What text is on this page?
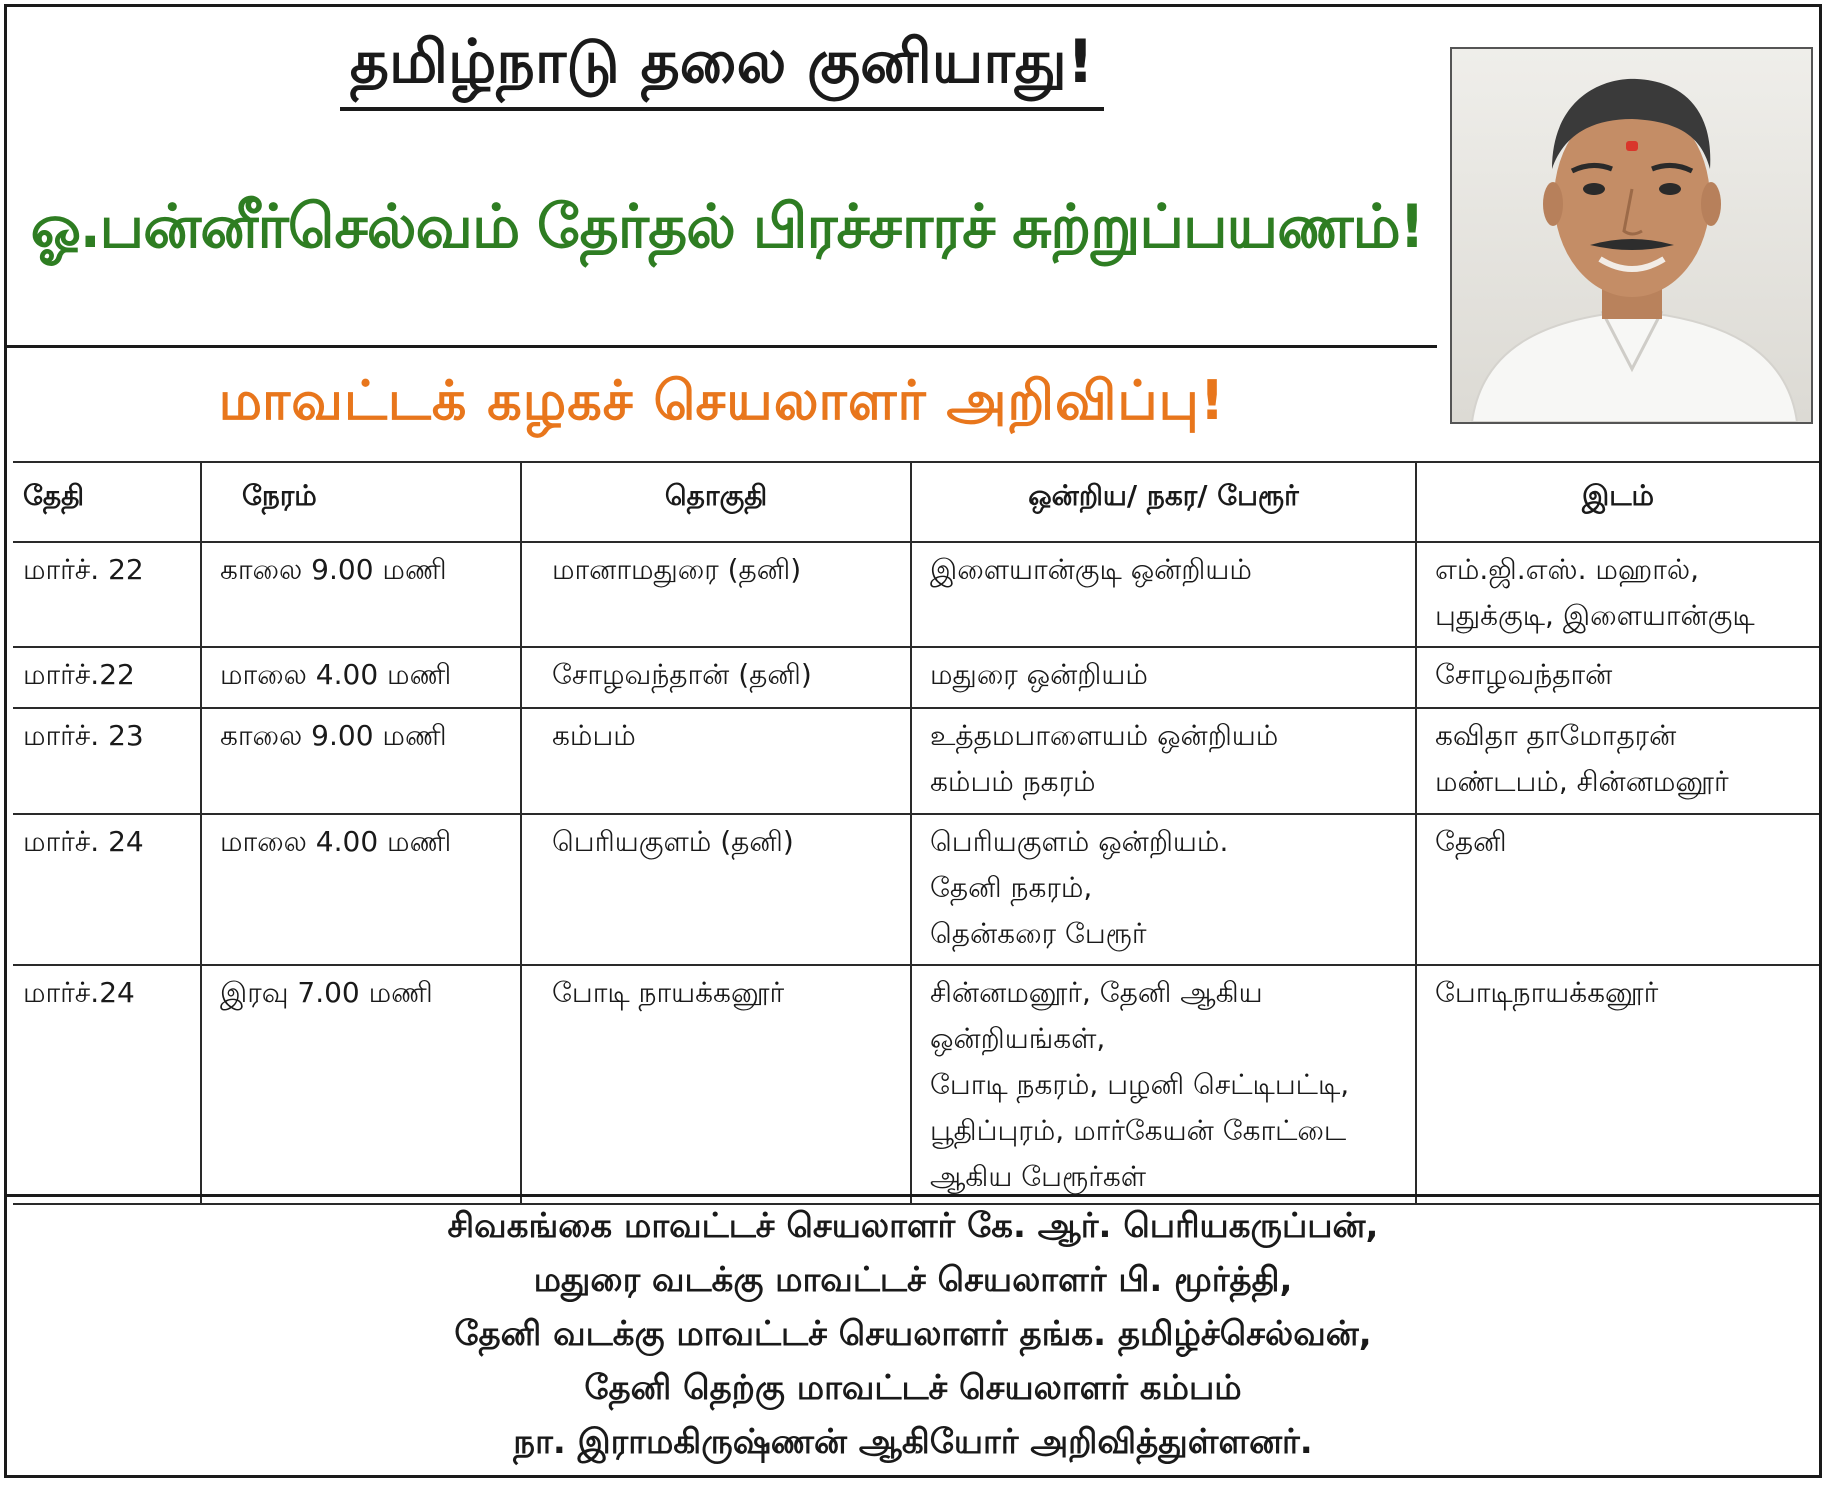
தமிழ்நாடு தலை குனியாது!
ஓ.பன்னீர்செல்வம் தேர்தல் பிரச்சாரச் சுற்றுப்பயணம்!
மாவட்டக் கழகச் செயலாளர் அறிவிப்பு!
தேதி	நேரம்	தொகுதி	ஒன்றிய/ நகர/ பேரூர்	இடம்
மார்ச். 22	காலை 9.00 மணி	மானாமதுரை (தனி)	இளையான்குடி ஒன்றியம்	எம்.ஜி.எஸ். மஹால்,
புதுக்குடி, இளையான்குடி

மார்ச்.22	மாலை 4.00 மணி	சோழவந்தான் (தனி)	மதுரை ஒன்றியம்	சோழவந்தான்

மார்ச். 23	காலை 9.00 மணி	கம்பம்	உத்தமபாளையம் ஒன்றியம்
கம்பம் நகரம்	கவிதா தாமோதரன்
மண்டபம், சின்னமனூர்

மார்ச். 24	மாலை 4.00 மணி	பெரியகுளம் (தனி)	பெரியகுளம் ஒன்றியம்.
தேனி நகரம்,
தென்கரை பேரூர்	தேனி

மார்ச்.24	இரவு 7.00 மணி	போடி நாயக்கனூர்	சின்னமனூர், தேனி ஆகிய
ஒன்றியங்கள்,
போடி நகரம், பழனி செட்டிபட்டி,
பூதிப்புரம், மார்கேயன் கோட்டை
ஆகிய பேரூர்கள்	போடிநாயக்கனூர்
சிவகங்கை மாவட்டச் செயலாளர் கே. ஆர். பெரியகருப்பன்,
மதுரை வடக்கு மாவட்டச் செயலாளர் பி. மூர்த்தி,
தேனி வடக்கு மாவட்டச் செயலாளர் தங்க. தமிழ்ச்செல்வன்,
தேனி தெற்கு மாவட்டச் செயலாளர் கம்பம்
நா. இராமகிருஷ்ணன் ஆகியோர் அறிவித்துள்ளனர்.
